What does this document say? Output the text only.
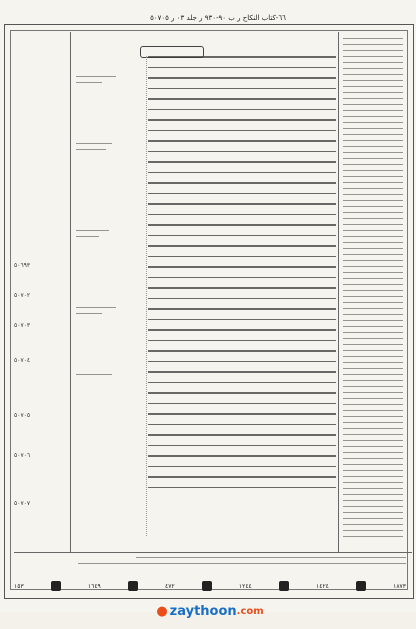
٦٦-كتاب النكاح ر ب ٩٠-٩٣٠ ر جلد ٠٣ ر ٥٠٧٠٥
٥٠٦٩٣
٥٠٧٠٢
٥٠٧٠٣
٥٠٧٠٤
٥٠٧٠٥
٥٠٧٠٦
٥٠٧٠٧
١٥٣	١٦٤٩	٤٧٢	١٢٤٤	١٤٢٤	١٨٧٣
● zaythoon .com
